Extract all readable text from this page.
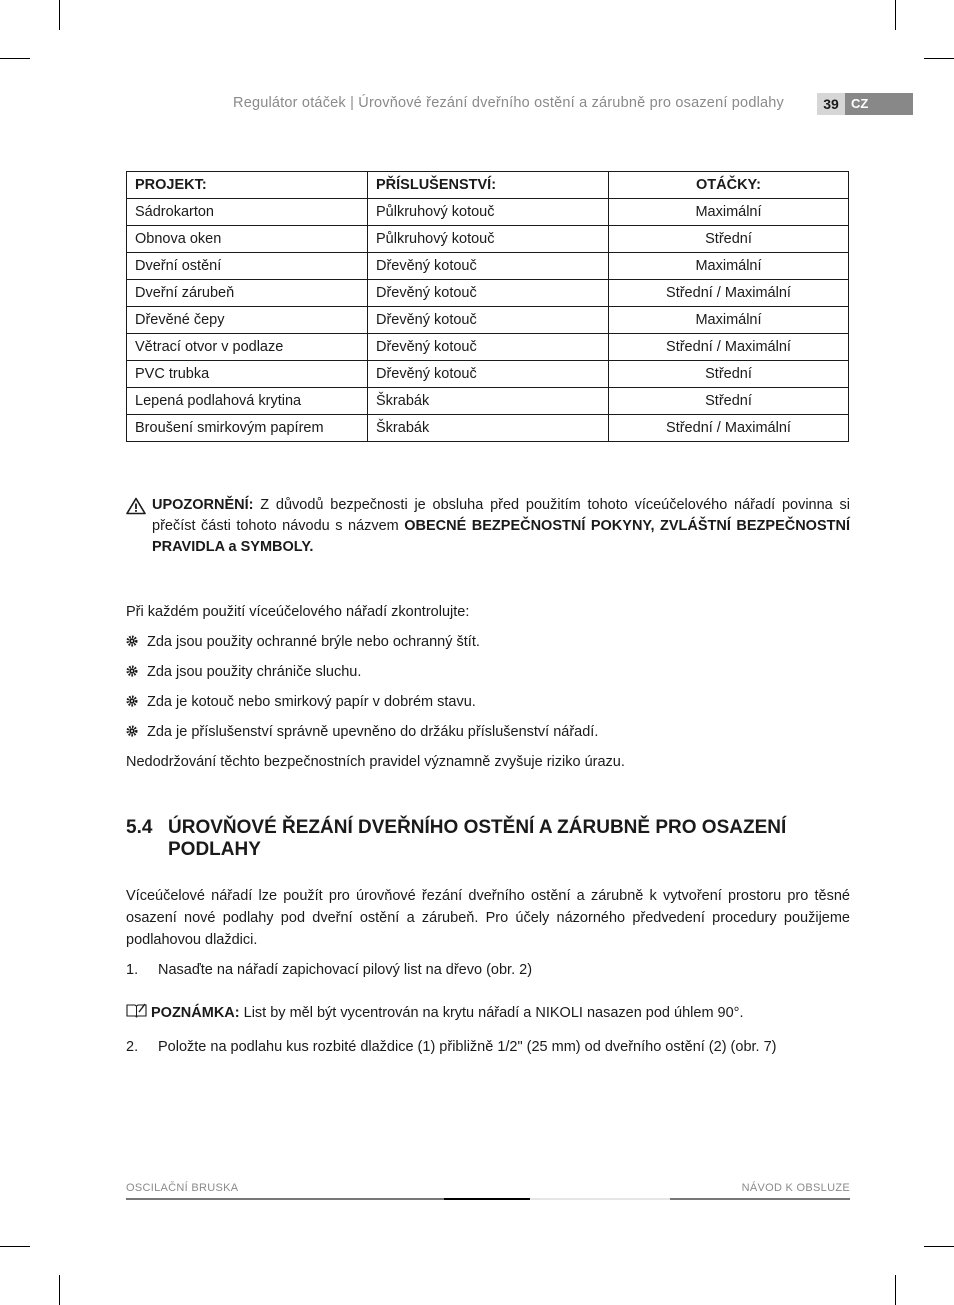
Regulátor otáček | Úrovňové řezání dveřního ostění a zárubně pro osazení podlahy	39 CZ
PROJEKT:	PŘÍSLUŠENSTVÍ:	OTÁČKY:
Sádrokarton	Půlkruhový kotouč	Maximální
Obnova oken	Půlkruhový kotouč	Střední
Dveřní ostění	Dřevěný kotouč	Maximální
Dveřní zárubeň	Dřevěný kotouč	Střední / Maximální
Dřevěné čepy	Dřevěný kotouč	Maximální
Větrací otvor v podlaze	Dřevěný kotouč	Střední / Maximální
PVC trubka	Dřevěný kotouč	Střední
Lepená podlahová krytina	Škrabák	Střední
Broušení smirkovým papírem	Škrabák	Střední / Maximální
UPOZORNĚNÍ: Z důvodů bezpečnosti je obsluha před použitím tohoto víceúčelového nářadí povinna si přečíst části tohoto návodu s názvem OBECNÉ BEZPEČNOSTNÍ POKYNY, ZVLÁŠTNÍ BEZPEČNOSTNÍ PRAVIDLA a SYMBOLY.
Při každém použití víceúčelového nářadí zkontrolujte:
Zda jsou použity ochranné brýle nebo ochranný štít.
Zda jsou použity chrániče sluchu.
Zda je kotouč nebo smirkový papír v dobrém stavu.
Zda je příslušenství správně upevněno do držáku příslušenství nářadí.
Nedodržování těchto bezpečnostních pravidel významně zvyšuje riziko úrazu.
5.4 ÚROVŇOVÉ ŘEZÁNÍ DVEŘNÍHO OSTĚNÍ A ZÁRUBNĚ PRO OSAZENÍ PODLAHY
Víceúčelové nářadí lze použít pro úrovňové řezání dveřního ostění a zárubně k vytvoření prostoru pro těsné osazení nové podlahy pod dveřní ostění a zárubeň. Pro účely názorného předvedení procedury použijeme podlahovou dlaždici.
1. Nasaďte na nářadí zapichovací pilový list na dřevo (obr. 2)
POZNÁMKA: List by měl být vycentrován na krytu nářadí a NIKOLI nasazen pod úhlem 90°.
2. Položte na podlahu kus rozbité dlaždice (1) přibližně 1/2" (25 mm) od dveřního ostění (2) (obr. 7)
OSCILAČNÍ BRUSKA	NÁVOD K OBSLUZE
